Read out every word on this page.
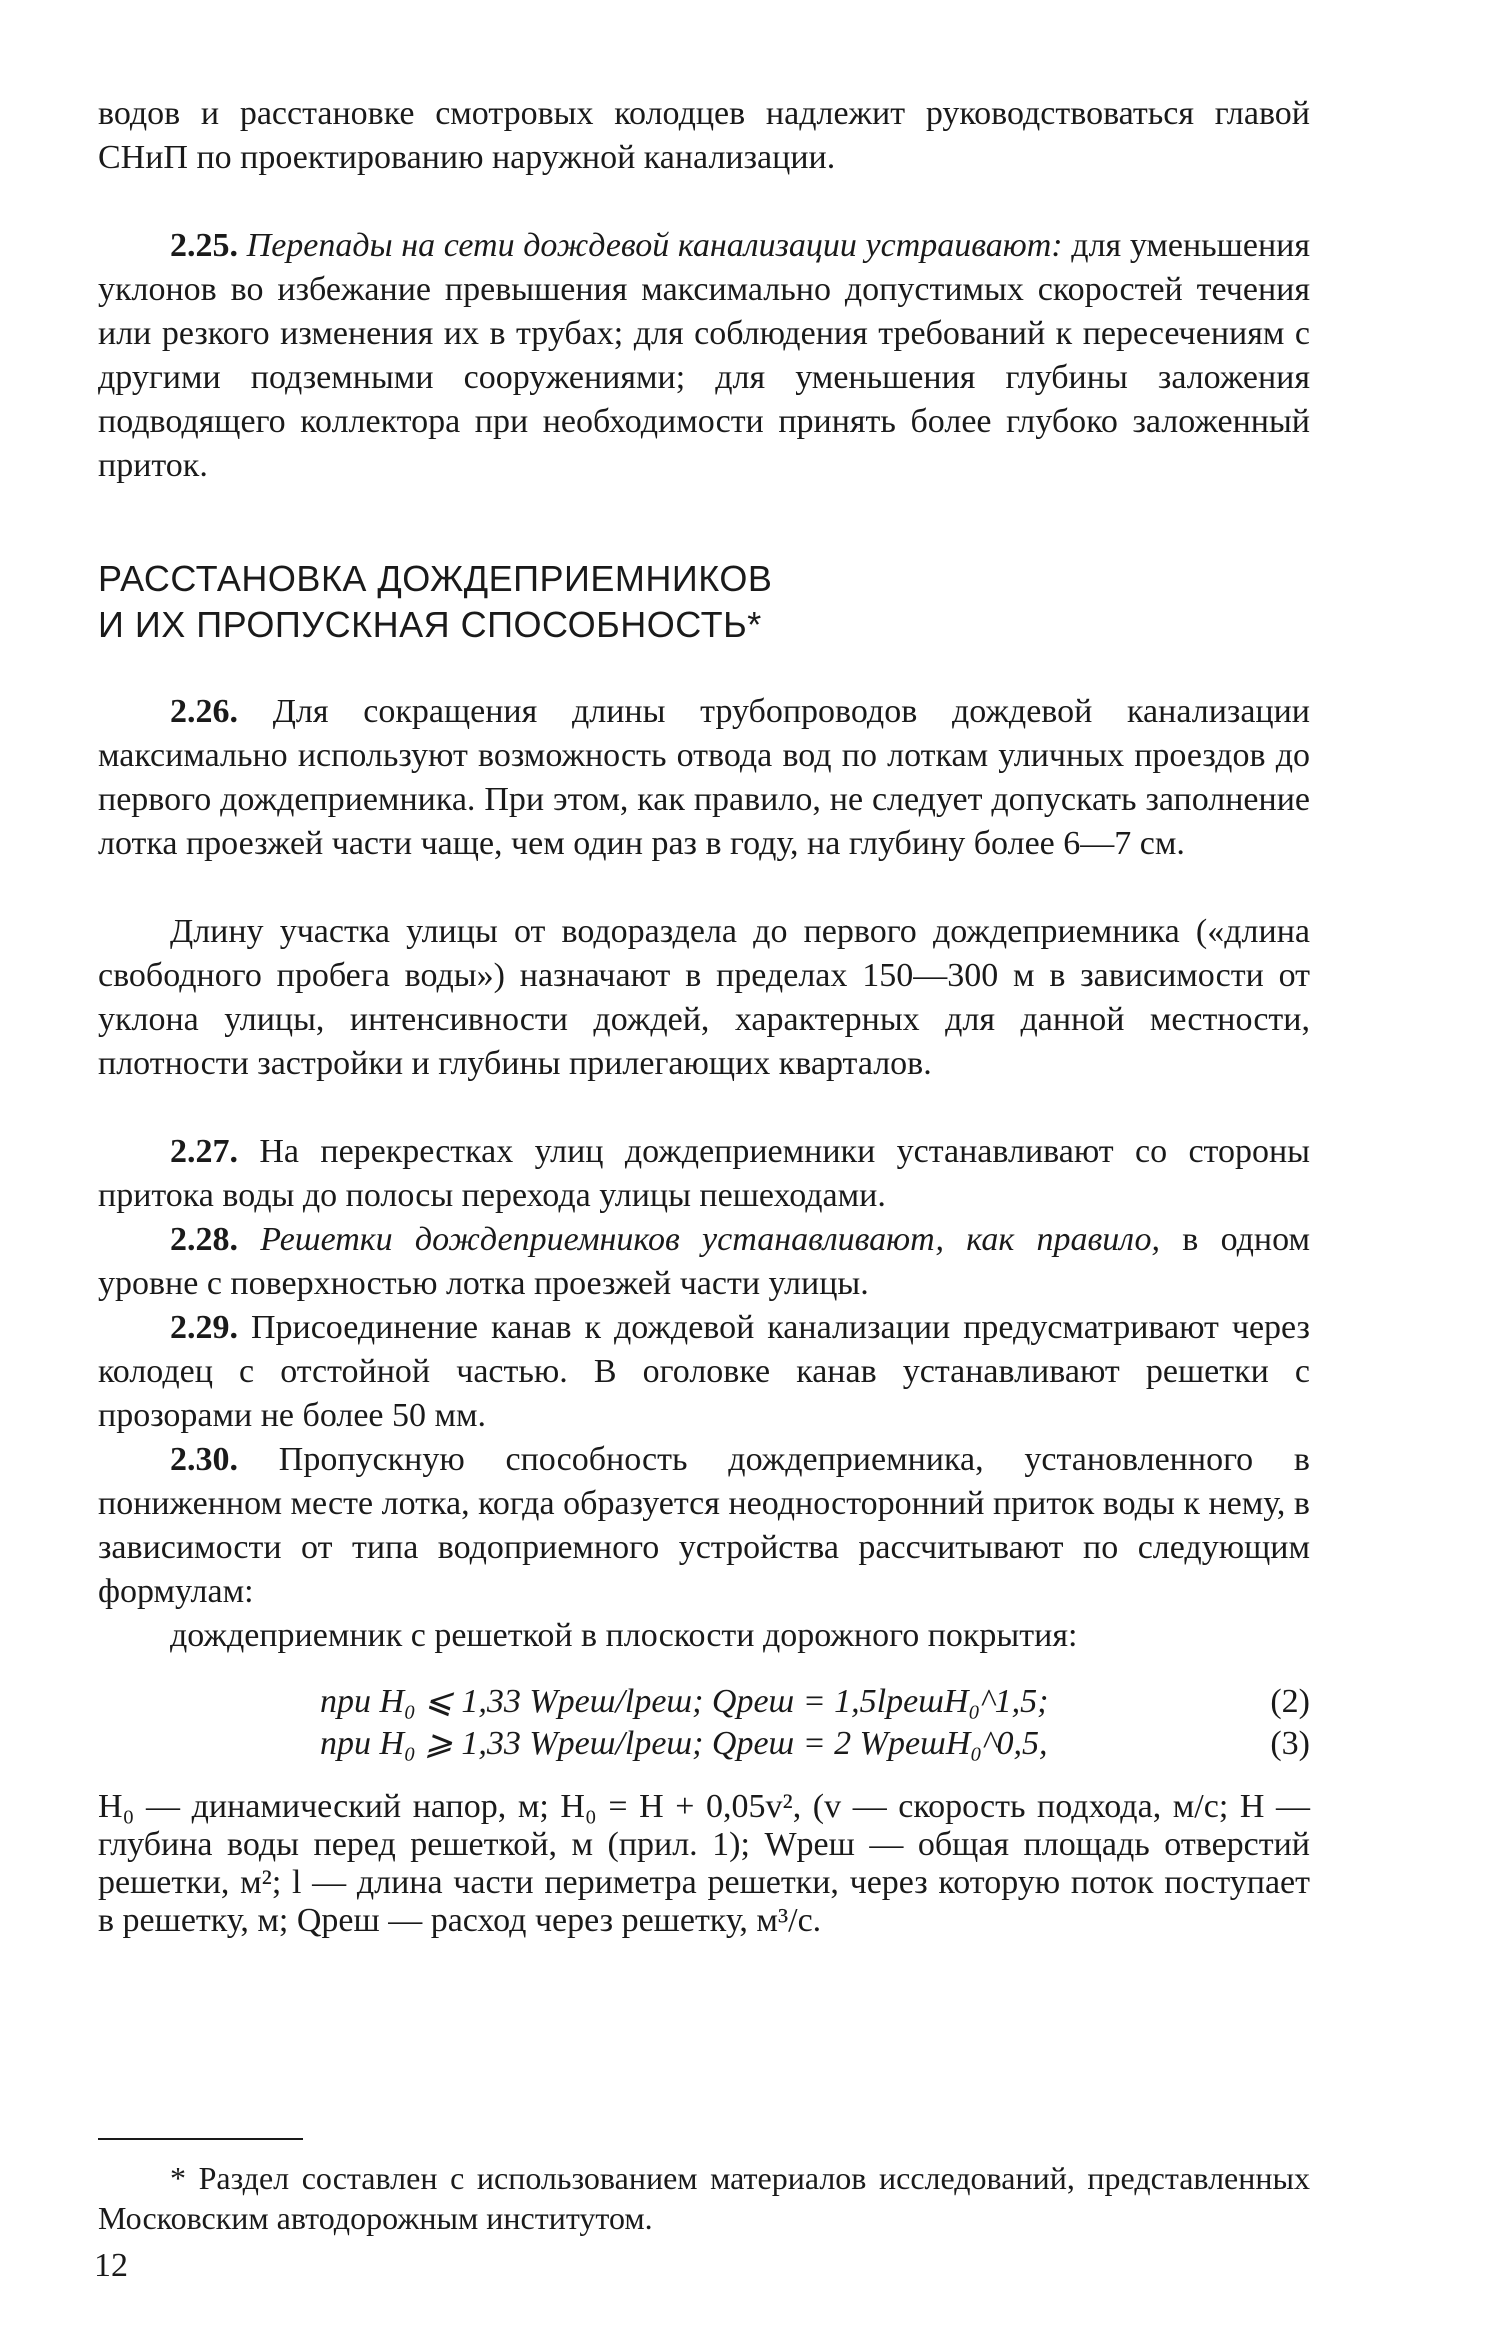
водов и расстановке смотровых колодцев надлежит руководствоваться главой СНиП по проектированию наружной канализации.

2.25. Перепады на сети дождевой канализации устраивают: для уменьшения уклонов во избежание превышения максимально допустимых скоростей течения или резкого изменения их в трубах; для соблюдения требований к пересечениям с другими подземными сооружениями; для уменьшения глубины заложения подводящего коллектора при необходимости принять более глубоко заложенный приток.

РАССТАНОВКА ДОЖДЕПРИЕМНИКОВ
И ИХ ПРОПУСКНАЯ СПОСОБНОСТЬ*

2.26. Для сокращения длины трубопроводов дождевой канализации максимально используют возможность отвода вод по лоткам уличных проездов до первого дождеприемника. При этом, как правило, не следует допускать заполнение лотка проезжей части чаще, чем один раз в году, на глубину более 6—7 см.

Длину участка улицы от водораздела до первого дождеприемника («длина свободного пробега воды») назначают в пределах 150—300 м в зависимости от уклона улицы, интенсивности дождей, характерных для данной местности, плотности застройки и глубины прилегающих кварталов.

2.27. На перекрестках улиц дождеприемники устанавливают со стороны притока воды до полосы перехода улицы пешеходами.

2.28. Решетки дождеприемников устанавливают, как правило, в одном уровне с поверхностью лотка проезжей части улицы.

2.29. Присоединение канав к дождевой канализации предусматривают через колодец с отстойной частью. В оголовке канав устанавливают решетки с прозорами не более 50 мм.

2.30. Пропускную способность дождеприемника, установленного в пониженном месте лотка, когда образуется неодносторонний приток воды к нему, в зависимости от типа водоприемного устройства рассчитывают по следующим формулам:

дождеприемник с решеткой в плоскости дорожного покрытия:

при H₀ ⩽ 1,33 Wреш/lреш; Qреш = 1,5lрешH₀^1,5;	(2)
при H₀ ⩾ 1,33 Wреш/lреш; Qреш = 2 WрешH₀^0,5,	(3)

H₀ — динамический напор, м; H₀ = H + 0,05v², (v — скорость подхода, м/с; H — глубина воды перед решеткой, м (прил. 1); Wреш — общая площадь отверстий решетки, м²; l — длина части периметра решетки, через которую поток поступает в решетку, м; Qреш — расход через решетку, м³/с.

* Раздел составлен с использованием материалов исследований, представленных Московским автодорожным институтом.

12
